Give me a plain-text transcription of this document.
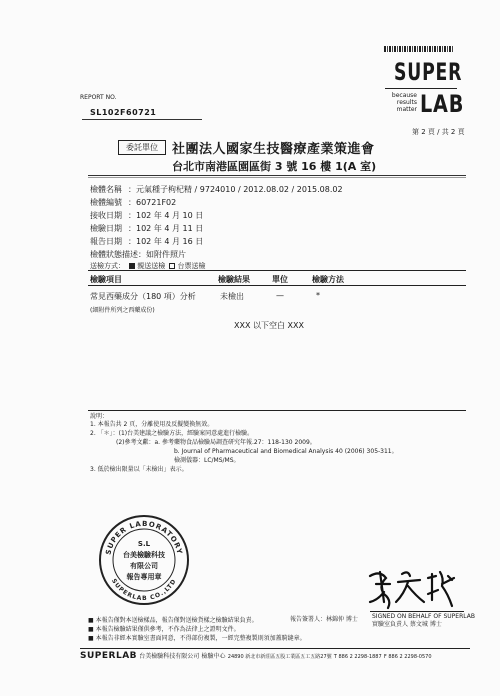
SUPER
because
results
matter LAB
REPORT NO.
SL102F60721
第 2 頁 / 共 2 頁
委託單位	社團法人國家生技醫療產業策進會
台北市南港區園區街 3 號 16 樓 1(A 室)
檢體名稱 ：元氣種子枸杞精 / 9724010 / 2012.08.02 / 2015.08.02
檢體編號 ：60721F02
接收日期 ：102 年 4 月 10 日
檢驗日期 ：102 年 4 月 11 日
報告日期 ：102 年 4 月 16 日
檢體狀態描述：如附件照片
送檢方式： 親送送檢 台票送檢
檢驗項目	檢驗結果	單位	檢驗方法
常見西藥成分（180 項）分析	未檢出	—	*
(細附件所列之西藥成份)
XXX 以下空白 XXX
說明：
1. 本報告共 2 頁，分離使用及反擬變換無效。
2. 「＊」：(1)台美建議之檢驗方法，經驗案同意處進行檢驗。
(2)參考文獻：a. 參考藥物食品檢驗局調查研究年報.27：118-130 2009。
b. Journal of Pharmaceutical and Biomedical Analysis 40 (2006) 305-311。
檢測儀器：LC/MS/MS。
3. 低於檢出限量以「未檢出」表示。
SUPER LABORATORY
SUPERLAB CO.,LTD
S.L
台美檢驗科技
有限公司
報告專用章
報告簽署人：林錦仲 博士 SIGNED ON BEHALF OF SUPERLAB
實驗室負責人 蔡文城 博士
■ 本報告僅對本送檢樣品，報告僅對送檢貨樣之檢驗結果負責。
■ 本報告檢驗結果僅供參考，不作為法律上之證明文件。
■ 本報告非經本實驗室書面同意，不得部份複製，一經完整複製則須加蓋騎縫章。
SUPERLAB 台美檢驗科技有限公司 檢驗中心 24890 新北市新莊區五股工業區五工五路27號 T 886 2 2298-1887 F 886 2 2298-0570
